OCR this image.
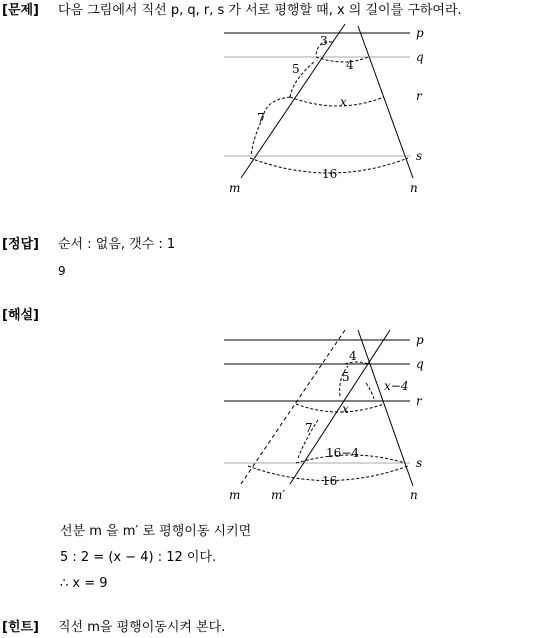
[문제] 다음 그림에서 직선 p, q, r, s 가 서로 평행할 때, x 의 길이를 구하여라.
p
q
r
s
m	n
3
4
5
x
7
16
[정답] 순서 : 없음, 갯수 : 1
9
[해설]
p
q
r
s
m	m′	n
4
5
x−4
x
7
16−4
16
선분 m 을 m′ 로 평행이동 시키면
5 : 2 = (x − 4) : 12 이다.
∴ x = 9
[힌트] 직선 m을 평행이동시켜 본다.
